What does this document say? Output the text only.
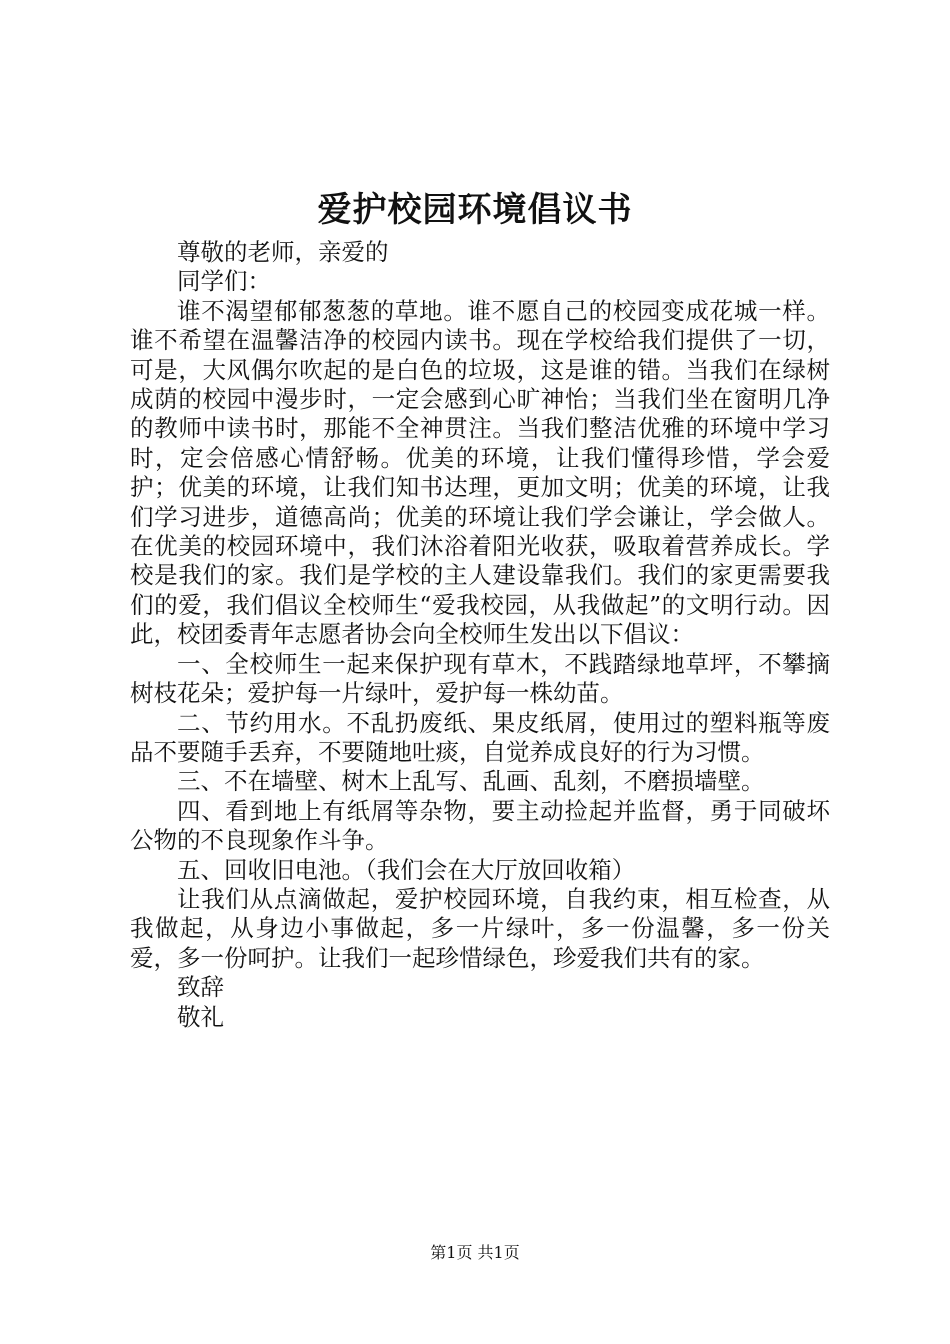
爱护校园环境倡议书

尊敬的老师，亲爱的

同学们：

谁不渴望郁郁葱葱的草地。谁不愿自己的校园变成花城一样。谁不希望在温馨洁净的校园内读书。现在学校给我们提供了一切，可是，大风偶尔吹起的是白色的垃圾，这是谁的错。当我们在绿树成荫的校园中漫步时，一定会感到心旷神怡；当我们坐在窗明几净的教师中读书时，那能不全神贯注。当我们整洁优雅的环境中学习时，定会倍感心情舒畅。优美的环境，让我们懂得珍惜，学会爱护；优美的环境，让我们知书达理，更加文明；优美的环境，让我们学习进步，道德高尚；优美的环境让我们学会谦让，学会做人。在优美的校园环境中，我们沐浴着阳光收获，吸取着营养成长。学校是我们的家。我们是学校的主人建设靠我们。我们的家更需要我们的爱，我们倡议全校师生“爱我校园，从我做起”的文明行动。因此，校团委青年志愿者协会向全校师生发出以下倡议：

一、全校师生一起来保护现有草木，不践踏绿地草坪，不攀摘树枝花朵；爱护每一片绿叶，爱护每一株幼苗。

二、节约用水。不乱扔废纸、果皮纸屑，使用过的塑料瓶等废品不要随手丢弃，不要随地吐痰，自觉养成良好的行为习惯。

三、不在墙壁、树木上乱写、乱画、乱刻，不磨损墙壁。

四、看到地上有纸屑等杂物，要主动捡起并监督，勇于同破坏公物的不良现象作斗争。

五、回收旧电池。（我们会在大厅放回收箱）

让我们从点滴做起，爱护校园环境，自我约束，相互检查，从我做起，从身边小事做起，多一片绿叶，多一份温馨，多一份关爱，多一份呵护。让我们一起珍惜绿色，珍爱我们共有的家。

致辞

敬礼

第1页 共1页
